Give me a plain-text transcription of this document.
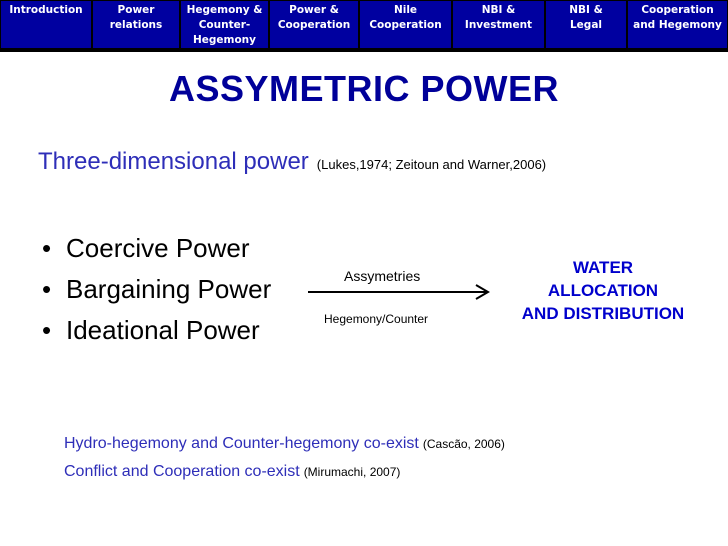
Introduction	Power
relations
Hegemony &
Counter-
Hegemony
Power &
Cooperation
Nile
Cooperation
NBI &
Investment
NBI &
Legal
Cooperation
and Hegemony
ASSYMETRIC POWER
Three-dimensional power (Lukes,1974; Zeitoun and Warner,2006)
• Coercive Power
• Bargaining Power
• Ideational Power
Assymetries
Hegemony/Counter
WATER
ALLOCATION
AND DISTRIBUTION
Hydro-hegemony and Counter-hegemony co-exist (Cascão, 2006)
Conflict and Cooperation co-exist (Mirumachi, 2007)
